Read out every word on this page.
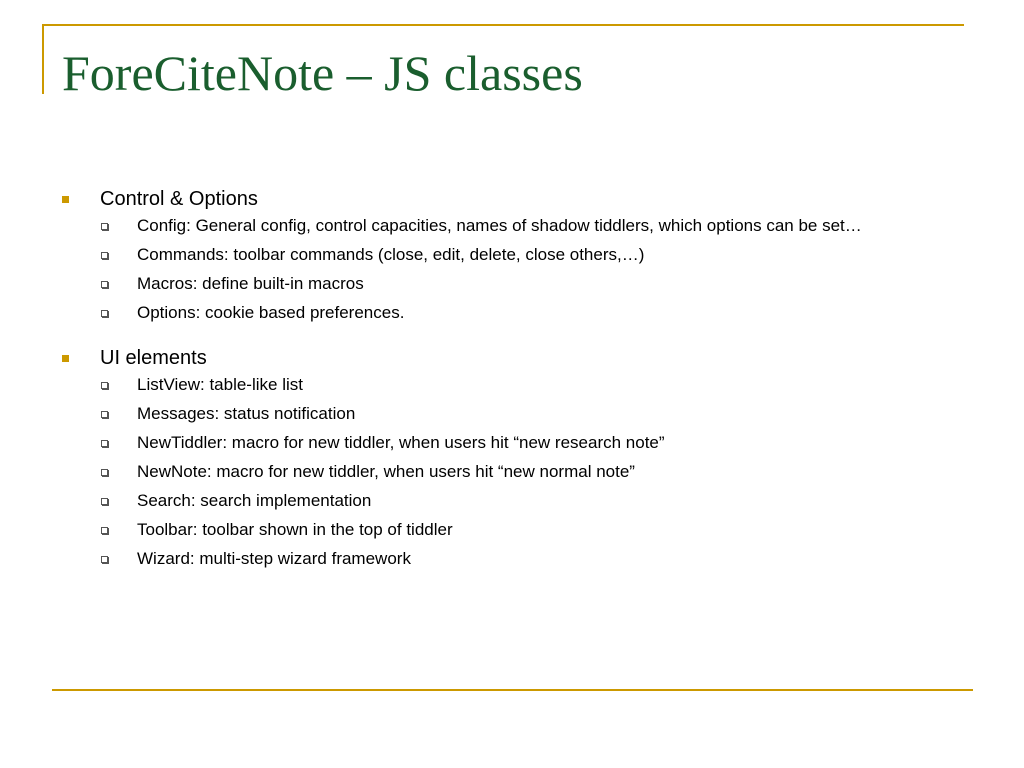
ForeCiteNote – JS classes
Control & Options
Config: General config, control capacities, names of shadow tiddlers, which options can be set…
Commands: toolbar commands (close, edit, delete, close others,…)
Macros: define built-in macros
Options: cookie based preferences.
UI elements
ListView: table-like list
Messages: status notification
NewTiddler: macro for new tiddler, when users hit “new research note”
NewNote: macro for new tiddler, when users hit “new normal note”
Search: search implementation
Toolbar: toolbar shown in the top of tiddler
Wizard: multi-step wizard framework
